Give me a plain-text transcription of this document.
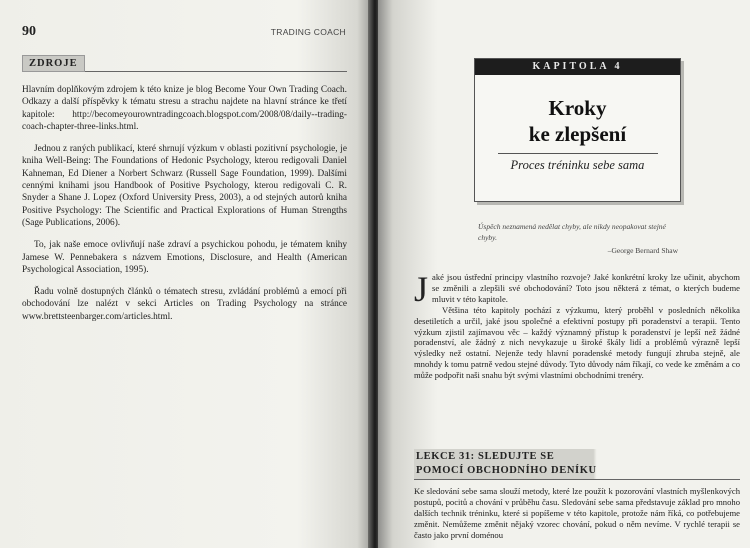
90	TRADING COACH
ZDROJE

Hlavním doplňkovým zdrojem k této knize je blog Become Your Own Trading Coach. Odkazy a další příspěvky k tématu stresu a strachu najdete na hlavní stránce ke třetí kapitole: http://becomeyourowntradingcoach.blogspot.com/2008/08/daily--trading-coach-chapter-three-links.html.

Jednou z raných publikací, které shrnují výzkum v oblasti pozitivní psychologie, je kniha Well-Being: The Foundations of Hedonic Psychology, kterou redigovali Daniel Kahneman, Ed Diener a Norbert Schwarz (Russell Sage Foundation, 1999). Dalšími cennými knihami jsou Handbook of Positive Psychology, kterou redigovali C. R. Snyder a Shane J. Lopez (Oxford University Press, 2003), a od stejných autorů kniha Positive Psychology: The Scientific and Practical Explorations of Human Strengths (Sage Publications, 2006).

To, jak naše emoce ovlivňují naše zdraví a psychickou pohodu, je tématem knihy Jamese W. Pennebakera s názvem Emotions, Disclosure, and Health (American Psychological Association, 1995).

Řadu volně dostupných článků o tématech stresu, zvládání problémů a emocí při obchodování lze nalézt v sekci Articles on Trading Psychology na stránce www.brettsteenbarger.com/articles.html.

KAPITOLA 4
Kroky
ke zlepšení
Proces tréninku sebe sama
Úspěch neznamená nedělat chyby, ale nikdy neopakovat stejné chyby.
–George Bernard Shaw

Jaké jsou ústřední principy vlastního rozvoje? Jaké konkrétní kroky lze učinit, abychom se změnili a zlepšili své obchodování? Toto jsou některá z témat, o kterých budeme mluvit v této kapitole.

Většina této kapitoly pochází z výzkumu, který proběhl v posledních několika desetiletích a určil, jaké jsou společné a efektivní postupy při poradenství a terapii. Tento výzkum zjistil zajímavou věc – každý významný přístup k poradenství je lepší než žádné poradenství, ale žádný z nich nevykazuje u široké škály lidí a problémů výrazně lepší výsledky než ostatní. Nejenže tedy hlavní poradenské metody fungují zhruba stejně, ale mnohdy k tomu patrně vedou stejné důvody. Tyto důvody nám říkají, co vede ke změnám a co může podpořit naši snahu být svými vlastními obchodními trenéry.

LEKCE 31: SLEDUJTE SE
POMOCÍ OBCHODNÍHO DENÍKU
Ke sledování sebe sama slouží metody, které lze použít k pozorování vlastních myšlenkových postupů, pocitů a chování v průběhu času. Sledování sebe sama představuje základ pro mnoho dalších technik tréninku, které si popíšeme v této kapitole, protože nám říká, co potřebujeme změnit. Nemůžeme změnit nějaký vzorec chování, pokud o něm nevíme. V rychlé terapii se často jako první doménou
